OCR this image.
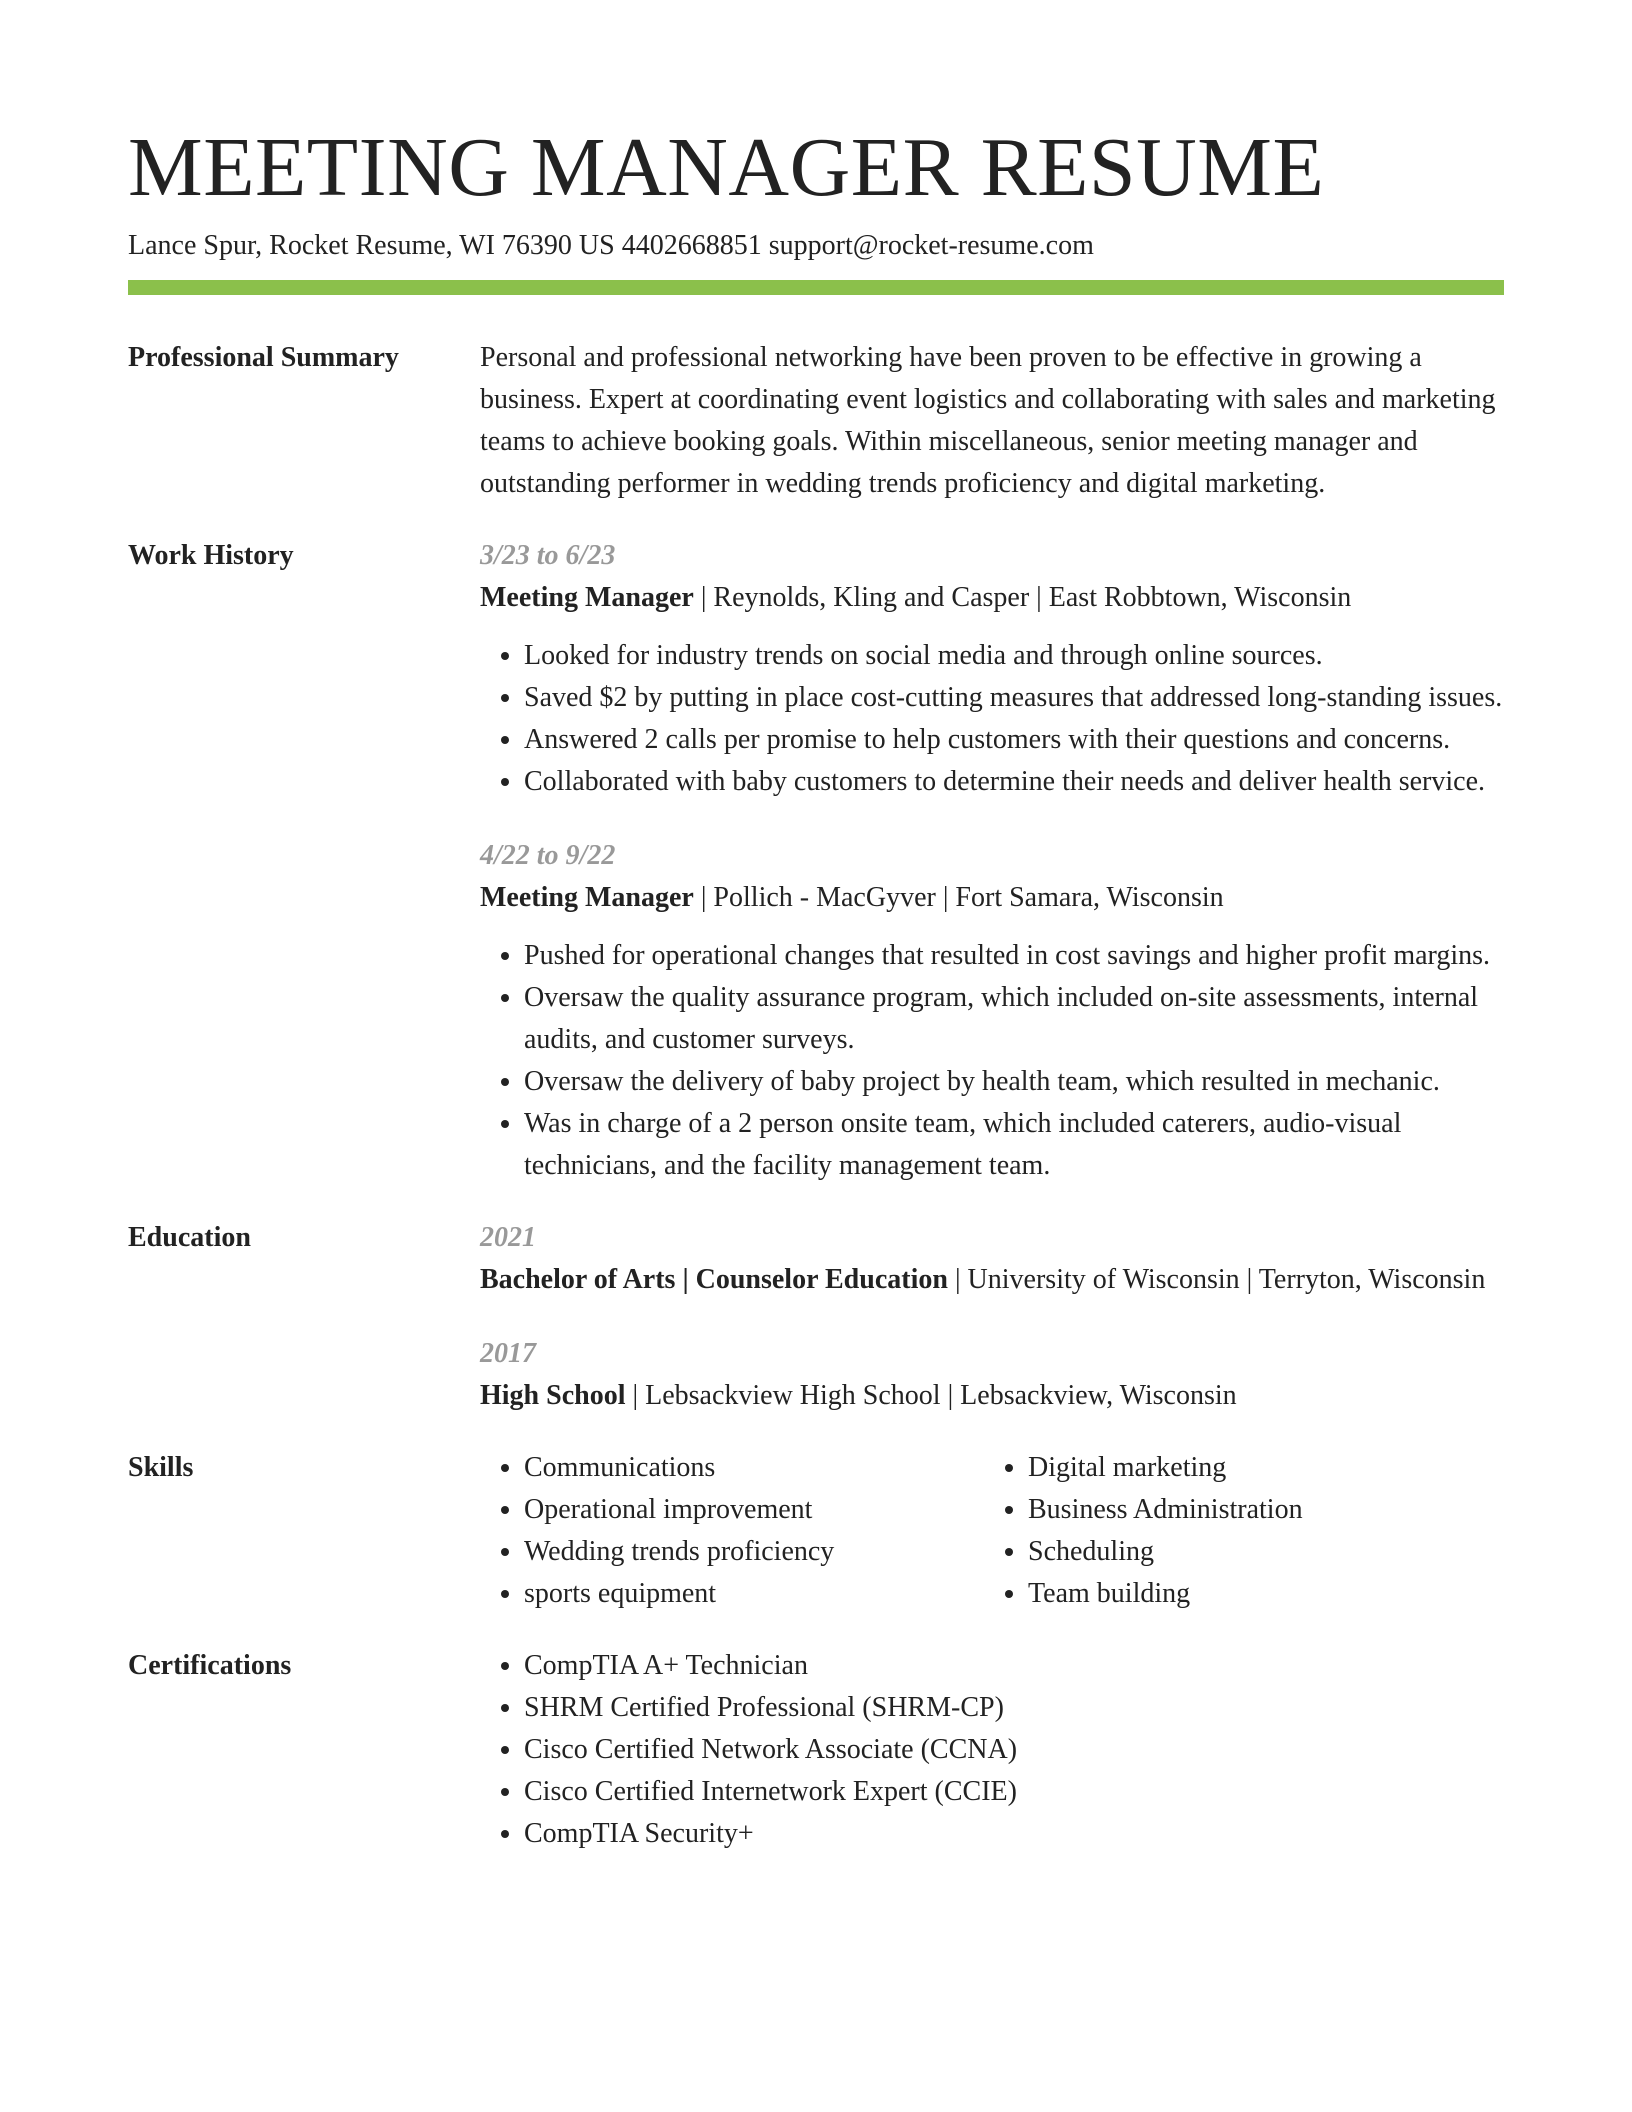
MEETING MANAGER RESUME
Lance Spur, Rocket Resume, WI 76390 US 4402668851 support@rocket-resume.com
Professional Summary	Personal and professional networking have been proven to be effective in growing a business. Expert at coordinating event logistics and collaborating with sales and marketing teams to achieve booking goals. Within miscellaneous, senior meeting manager and outstanding performer in wedding trends proficiency and digital marketing.

Work History	3/23 to 6/23
Meeting Manager | Reynolds, Kling and Casper | East Robbtown, Wisconsin
• Looked for industry trends on social media and through online sources.
• Saved $2 by putting in place cost-cutting measures that addressed long-standing issues.
• Answered 2 calls per promise to help customers with their questions and concerns.
• Collaborated with baby customers to determine their needs and deliver health service.
4/22 to 9/22
Meeting Manager | Pollich - MacGyver | Fort Samara, Wisconsin
• Pushed for operational changes that resulted in cost savings and higher profit margins.
• Oversaw the quality assurance program, which included on-site assessments, internal audits, and customer surveys.
• Oversaw the delivery of baby project by health team, which resulted in mechanic.
• Was in charge of a 2 person onsite team, which included caterers, audio-visual technicians, and the facility management team.
Education	2021
Bachelor of Arts | Counselor Education | University of Wisconsin | Terryton, Wisconsin
2017
High School | Lebsackview High School | Lebsackview, Wisconsin
Skills	• Communications
• Operational improvement
• Wedding trends proficiency
• sports equipment
• Digital marketing
• Business Administration
• Scheduling
• Team building
Certifications	• CompTIA A+ Technician
• SHRM Certified Professional (SHRM-CP)
• Cisco Certified Network Associate (CCNA)
• Cisco Certified Internetwork Expert (CCIE)
• CompTIA Security+
